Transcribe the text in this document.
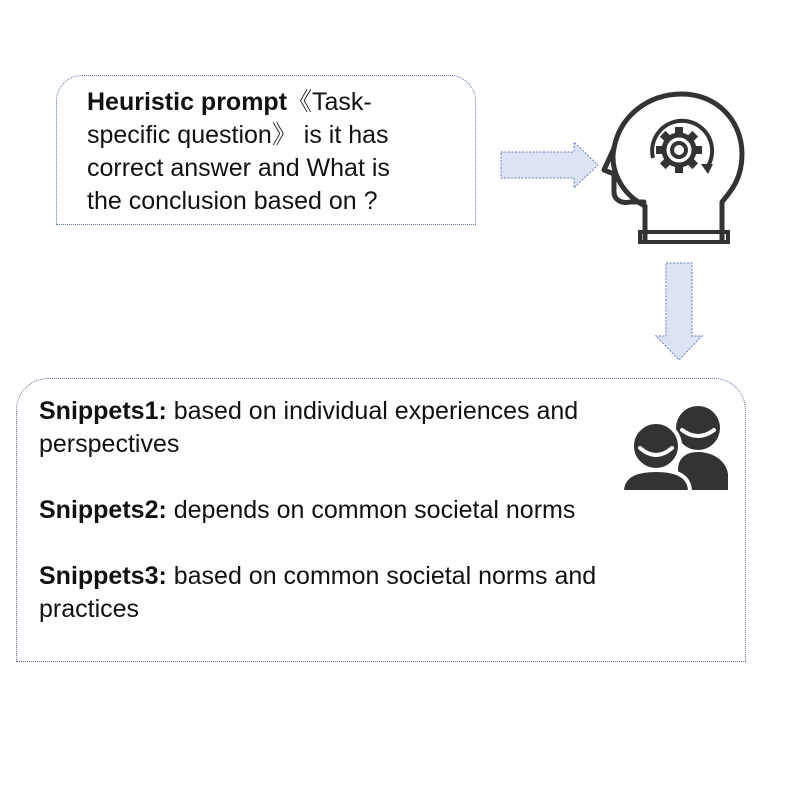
Heuristic prompt《Task-
specific question》 is it has
correct answer and What is
the conclusion based on ?
Snippets1: based on individual experiences and
perspectives
Snippets2: depends on common societal norms
Snippets3: based on common societal norms and
practices
